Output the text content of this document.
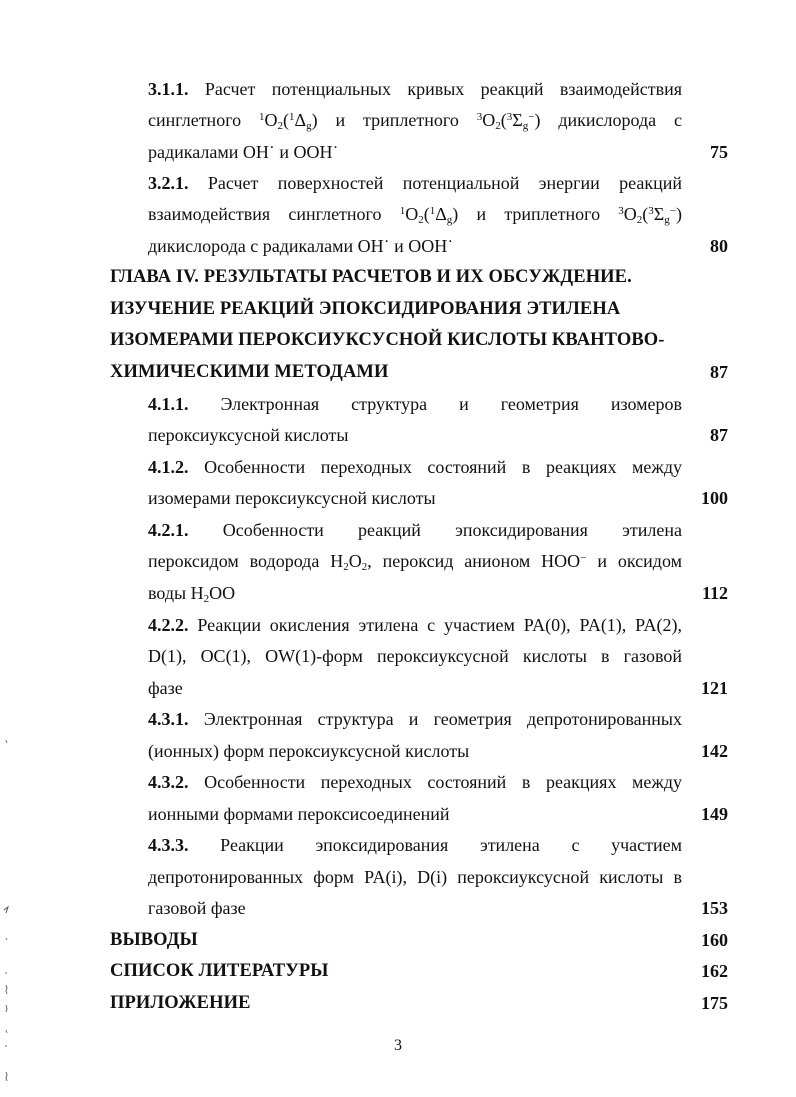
3.1.1. Расчет потенциальных кривых реакций взаимодействия
синглетного $^1O_2(^1\Delta_g)$ и триплетного $^3O_2(^3\Sigma_g^-)$ дикислорода с
радикалами OH˙ и OOH˙	75
3.2.1. Расчет поверхностей потенциальной энергии реакций
взаимодействия синглетного $^1O_2(^1\Delta_g)$ и триплетного $^3O_2(^3\Sigma_g^-)$
дикислорода с радикалами OH˙ и OOH˙	80
ГЛАВА IV. РЕЗУЛЬТАТЫ РАСЧЕТОВ И ИХ ОБСУЖДЕНИЕ.
ИЗУЧЕНИЕ РЕАКЦИЙ ЭПОКСИДИРОВАНИЯ ЭТИЛЕНА
ИЗОМЕРАМИ ПЕРОКСИУКСУСНОЙ КИСЛОТЫ КВАНТОВО-
ХИМИЧЕСКИМИ МЕТОДАМИ	87
4.1.1. Электронная структура и геометрия изомеров
пероксиуксусной кислоты	87
4.1.2. Особенности переходных состояний в реакциях между
изомерами пероксиуксусной кислоты	100
4.2.1. Особенности реакций эпоксидирования этилена
пероксидом водорода $H_2O_2$, пероксид анионом HOO− и оксидом
воды $H_2OO$	112
4.2.2. Реакции окисления этилена с участием PA(0), PA(1), PA(2),
D(1), OC(1), OW(1)-форм пероксиуксусной кислоты в газовой
фазе	121
4.3.1. Электронная структура и геометрия депротонированных
(ионных) форм пероксиуксусной кислоты	142
4.3.2. Особенности переходных состояний в реакциях между
ионными формами пероксисоединений	149
4.3.3. Реакции эпоксидирования этилена с участием
депротонированных форм PA(i), D(i) пероксиуксусной кислоты в
газовой фазе	153
ВЫВОДЫ	160
СПИСОК ЛИТЕРАТУРЫ	162
ПРИЛОЖЕНИЕ	175
3
